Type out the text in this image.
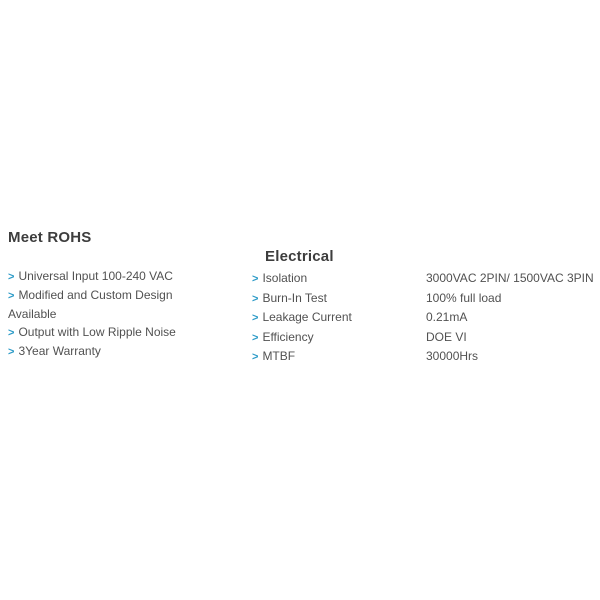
Meet ROHS
> Universal Input 100-240 VAC
> Modified and Custom Design Available
> Output with Low Ripple Noise
> 3Year Warranty
Electrical
> Isolation	3000VAC 2PIN/ 1500VAC 3PIN
> Burn-In Test	100% full load
> Leakage Current	0.21mA
> Efficiency	DOE VI
> MTBF	30000Hrs
